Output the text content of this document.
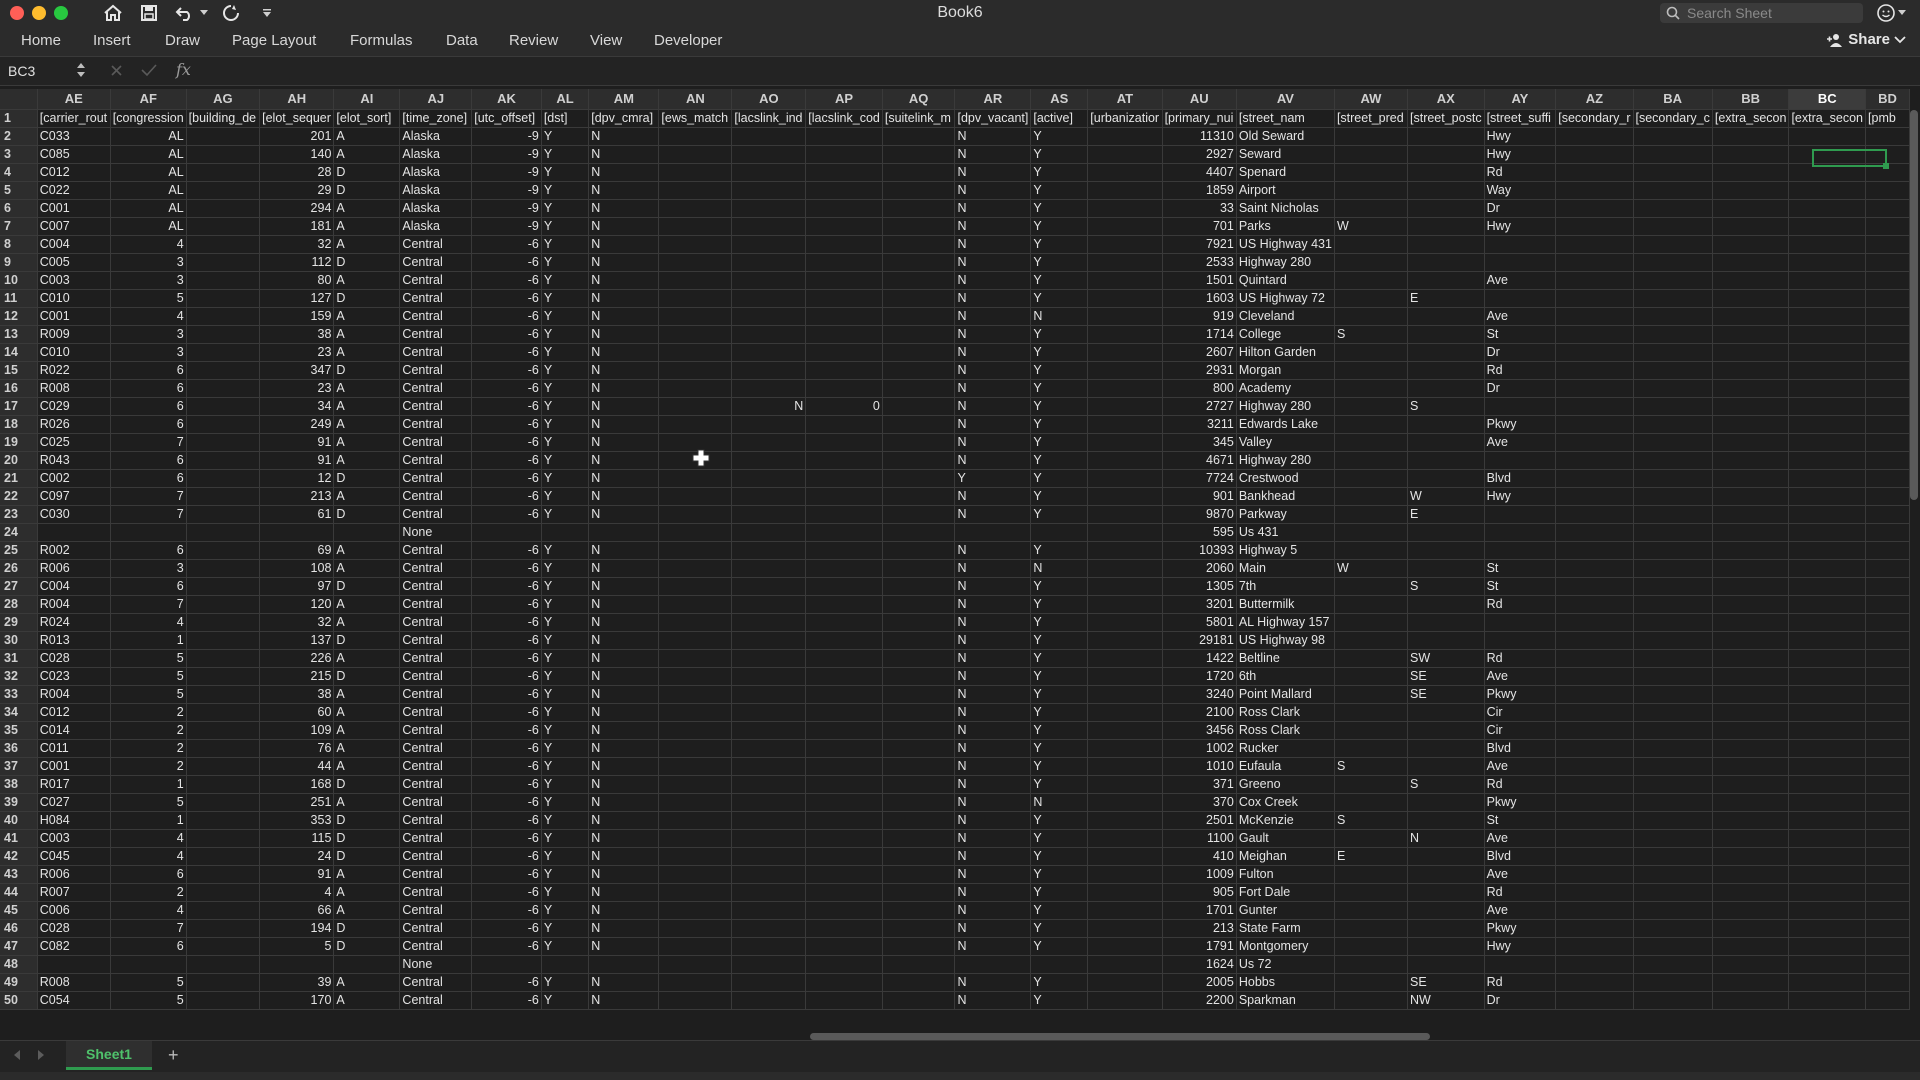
Book6
Search Sheet
Home Insert Draw Page Layout Formulas Data Review View Developer	Share
BC3	fx
	AE	AF	AG	AH	AI	AJ	AK	AL	AM	AN	AO	AP	AQ	AR	AS	AT	AU	AV	AW	AX	AY	AZ	BA	BB	BC	BD
1	[carrier_rout	[congression	[building_de	[elot_sequer	[elot_sort]	[time_zone]	[utc_offset]	[dst]	[dpv_cmra]	[ews_match	[lacslink_ind	[lacslink_cod	[suitelink_m	[dpv_vacant]	[active]	[urbanizatior	[primary_nui	[street_nam	[street_pred	[street_postc	[street_suffi	[secondary_r	[secondary_c	[extra_secon	[extra_secon	[pmb
2	C033	AL		201	A	Alaska	-9	Y	N					N	Y		11310	Old Seward			Hwy					
3	C085	AL		140	A	Alaska	-9	Y	N					N	Y		2927	Seward			Hwy					
4	C012	AL		28	D	Alaska	-9	Y	N					N	Y		4407	Spenard			Rd					
5	C022	AL		29	D	Alaska	-9	Y	N					N	Y		1859	Airport			Way					
6	C001	AL		294	A	Alaska	-9	Y	N					N	Y		33	Saint Nicholas			Dr					
7	C007	AL		181	A	Alaska	-9	Y	N					N	Y		701	Parks	W		Hwy					
8	C004	4		32	A	Central	-6	Y	N					N	Y		7921	US Highway 431								
9	C005	3		112	D	Central	-6	Y	N					N	Y		2533	Highway 280								
10	C003	3		80	A	Central	-6	Y	N					N	Y		1501	Quintard			Ave					
11	C010	5		127	D	Central	-6	Y	N					N	Y		1603	US Highway 72		E						
12	C001	4		159	A	Central	-6	Y	N					N	N		919	Cleveland			Ave					
13	R009	3		38	A	Central	-6	Y	N					N	Y		1714	College	S		St					
14	C010	3		23	A	Central	-6	Y	N					N	Y		2607	Hilton Garden			Dr					
15	R022	6		347	D	Central	-6	Y	N					N	Y		2931	Morgan			Rd					
16	R008	6		23	A	Central	-6	Y	N					N	Y		800	Academy			Dr					
17	C029	6		34	A	Central	-6	Y	N		N	0		N	Y		2727	Highway 280		S						
18	R026	6		249	A	Central	-6	Y	N					N	Y		3211	Edwards Lake			Pkwy					
19	C025	7		91	A	Central	-6	Y	N					N	Y		345	Valley			Ave					
20	R043	6		91	A	Central	-6	Y	N					N	Y		4671	Highway 280								
21	C002	6		12	D	Central	-6	Y	N					Y	Y		7724	Crestwood			Blvd					
22	C097	7		213	A	Central	-6	Y	N					N	Y		901	Bankhead		W	Hwy					
23	C030	7		61	D	Central	-6	Y	N					N	Y		9870	Parkway		E						
24						None											595	Us 431								
25	R002	6		69	A	Central	-6	Y	N					N	Y		10393	Highway 5								
26	R006	3		108	A	Central	-6	Y	N					N	N		2060	Main	W		St					
27	C004	6		97	D	Central	-6	Y	N					N	Y		1305	7th		S	St					
28	R004	7		120	A	Central	-6	Y	N					N	Y		3201	Buttermilk			Rd					
29	R024	4		32	A	Central	-6	Y	N					N	Y		5801	AL Highway 157								
30	R013	1		137	D	Central	-6	Y	N					N	Y		29181	US Highway 98								
31	C028	5		226	A	Central	-6	Y	N					N	Y		1422	Beltline		SW	Rd					
32	C023	5		215	D	Central	-6	Y	N					N	Y		1720	6th		SE	Ave					
33	R004	5		38	A	Central	-6	Y	N					N	Y		3240	Point Mallard		SE	Pkwy					
34	C012	2		60	A	Central	-6	Y	N					N	Y		2100	Ross Clark			Cir					
35	C014	2		109	A	Central	-6	Y	N					N	Y		3456	Ross Clark			Cir					
36	C011	2		76	A	Central	-6	Y	N					N	Y		1002	Rucker			Blvd					
37	C001	2		44	A	Central	-6	Y	N					N	Y		1010	Eufaula	S		Ave					
38	R017	1		168	D	Central	-6	Y	N					N	Y		371	Greeno		S	Rd					
39	C027	5		251	A	Central	-6	Y	N					N	N		370	Cox Creek			Pkwy					
40	H084	1		353	D	Central	-6	Y	N					N	Y		2501	McKenzie	S		St					
41	C003	4		115	D	Central	-6	Y	N					N	Y		1100	Gault		N	Ave					
42	C045	4		24	D	Central	-6	Y	N					N	Y		410	Meighan	E		Blvd					
43	R006	6		91	A	Central	-6	Y	N					N	Y		1009	Fulton			Ave					
44	R007	2		4	A	Central	-6	Y	N					N	Y		905	Fort Dale			Rd					
45	C006	4		66	A	Central	-6	Y	N					N	Y		1701	Gunter			Ave					
46	C028	7		194	D	Central	-6	Y	N					N	Y		213	State Farm			Pkwy					
47	C082	6		5	D	Central	-6	Y	N					N	Y		1791	Montgomery			Hwy					
48						None											1624	Us 72								
49	R008	5		39	A	Central	-6	Y	N					N	Y		2005	Hobbs		SE	Rd					
50	C054	5		170	A	Central	-6	Y	N					N	Y		2200	Sparkman		NW	Dr					
Sheet1	+
